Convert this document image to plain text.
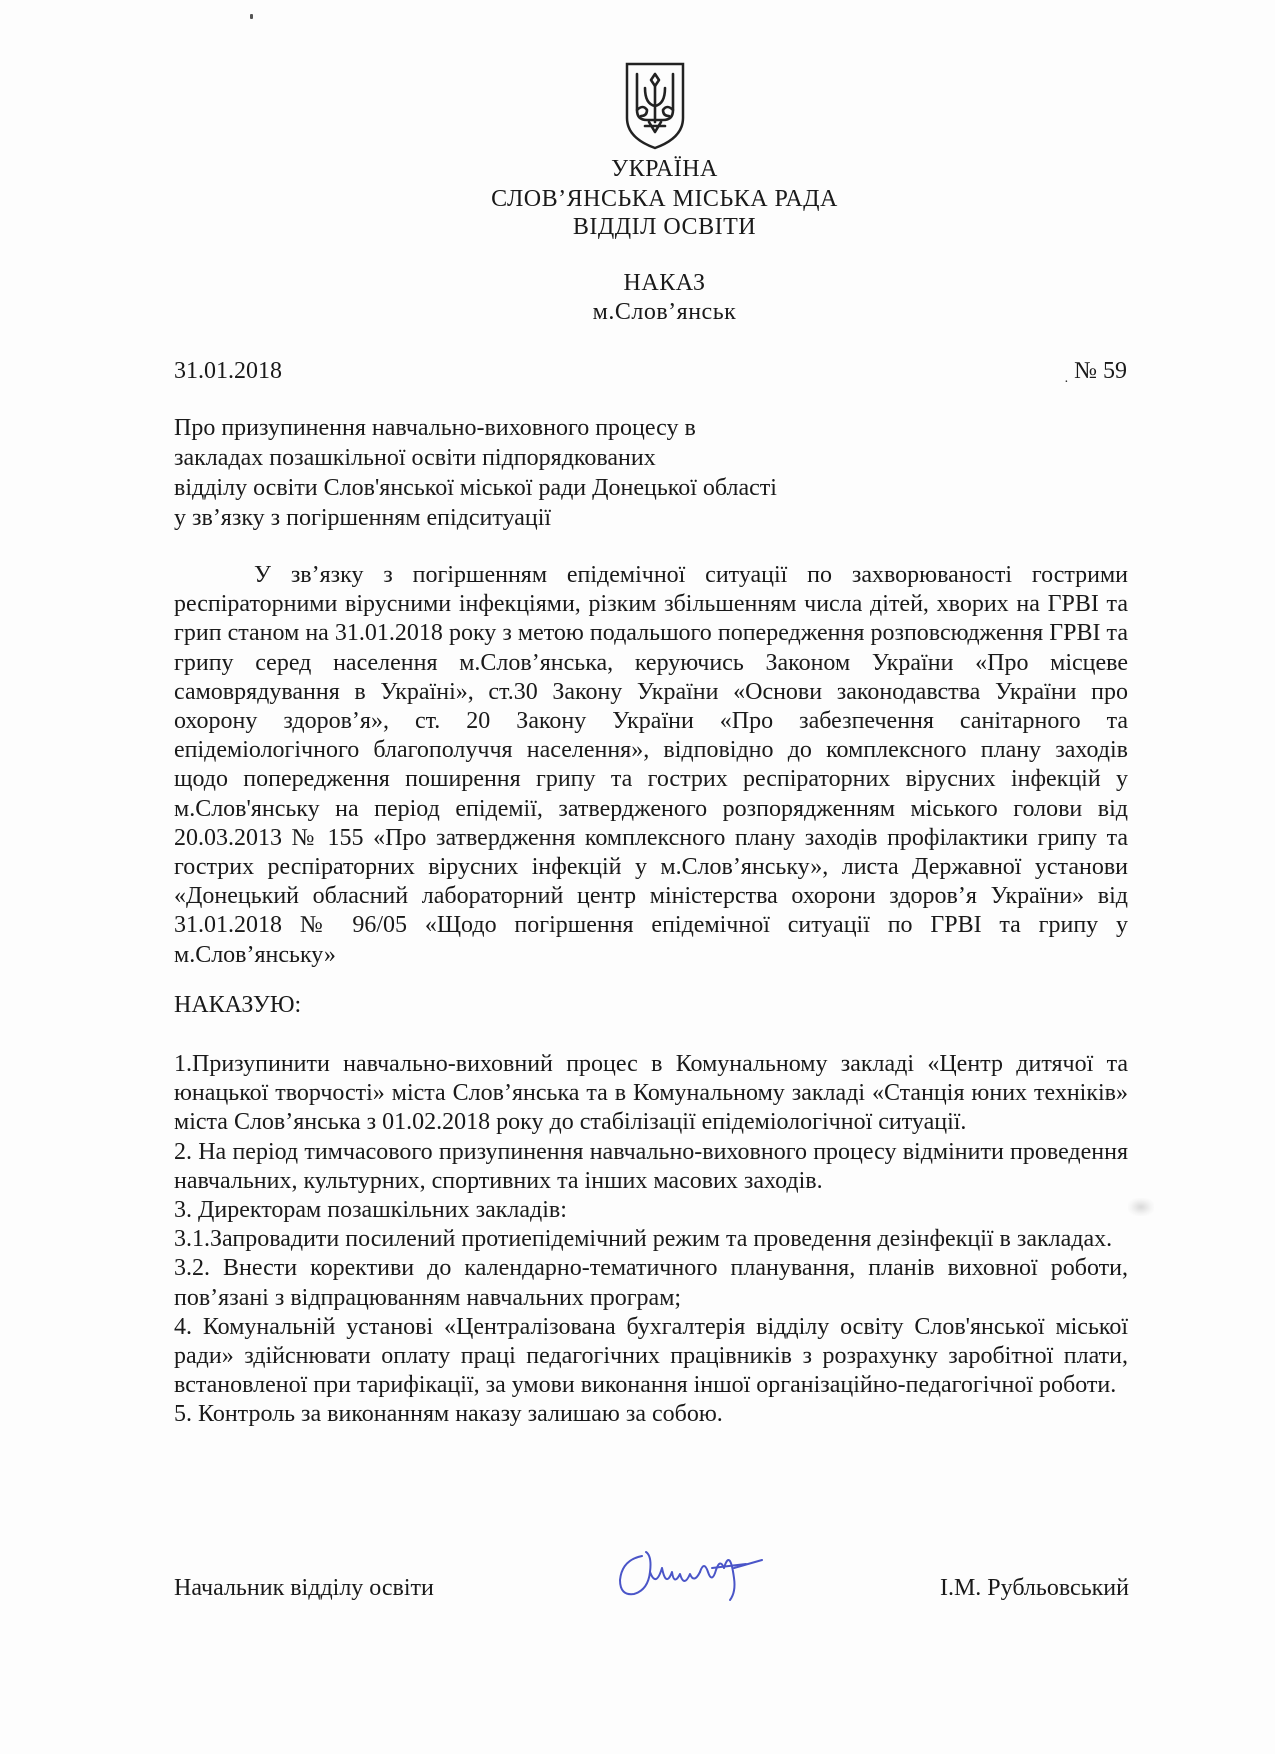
УКРАЇНА
СЛОВ’ЯНСЬКА МІСЬКА РАДА
ВІДДІЛ ОСВІТИ
НАКАЗ
м.Слов’янськ
31.01.2018	. № 59
Про призупинення навчально-виховного процесу в
закладах позашкільної освіти підпорядкованих
відділу освіти Слов'янської міської ради Донецької області
у зв’язку з погіршенням епідситуації

У зв’язку з погіршенням епідемічної ситуації по захворюваності гострими респіраторними вірусними інфекціями, різким збільшенням числа дітей, хворих на ГРВІ та грип станом на 31.01.2018 року з метою подальшого попередження розповсюдження ГРВІ та грипу серед населення м.Слов’янська, керуючись Законом України «Про місцеве самоврядування в Україні», ст.30 Закону України «Основи законодавства України про охорону здоров’я», ст. 20 Закону України «Про забезпечення санітарного та епідеміологічного благополуччя населення», відповідно до комплексного плану заходів щодо попередження поширення грипу та гострих респіраторних вірусних інфекцій у м.Слов'янську на період епідемії, затвердженого розпорядженням міського голови від 20.03.2013 № 155 «Про затвердження комплексного плану заходів профілактики грипу та гострих респіраторних вірусних інфекцій у м.Слов’янську», листа Державної установи «Донецький обласний лабораторний центр міністерства охорони здоров’я України» від 31.01.2018 № 96/05 «Щодо погіршення епідемічної ситуації по ГРВІ та грипу у м.Слов’янську»

НАКАЗУЮ:

1.Призупинити навчально-виховний процес в Комунальному закладі «Центр дитячої та юнацької творчості» міста Слов’янська та в Комунальному закладі «Станція юних техніків» міста Слов’янська з 01.02.2018 року до стабілізації епідеміологічної ситуації.

2. На період тимчасового призупинення навчально-виховного процесу відмінити проведення навчальних, культурних, спортивних та інших масових заходів.

3. Директорам позашкільних закладів:

3.1.Запровадити посилений протиепідемічний режим та проведення дезінфекції в закладах.

3.2. Внести корективи до календарно-тематичного планування, планів виховної роботи, пов’язані з відпрацюванням навчальних програм;

4. Комунальній установі «Централізована бухгалтерія відділу освіту Слов'янської міської ради» здійснювати оплату праці педагогічних працівників з розрахунку заробітної плати, встановленої при тарифікації, за умови виконання іншої організаційно-педагогічної роботи.

5. Контроль за виконанням наказу залишаю за собою.

Начальник відділу освіти	І.М. Рубльовський
